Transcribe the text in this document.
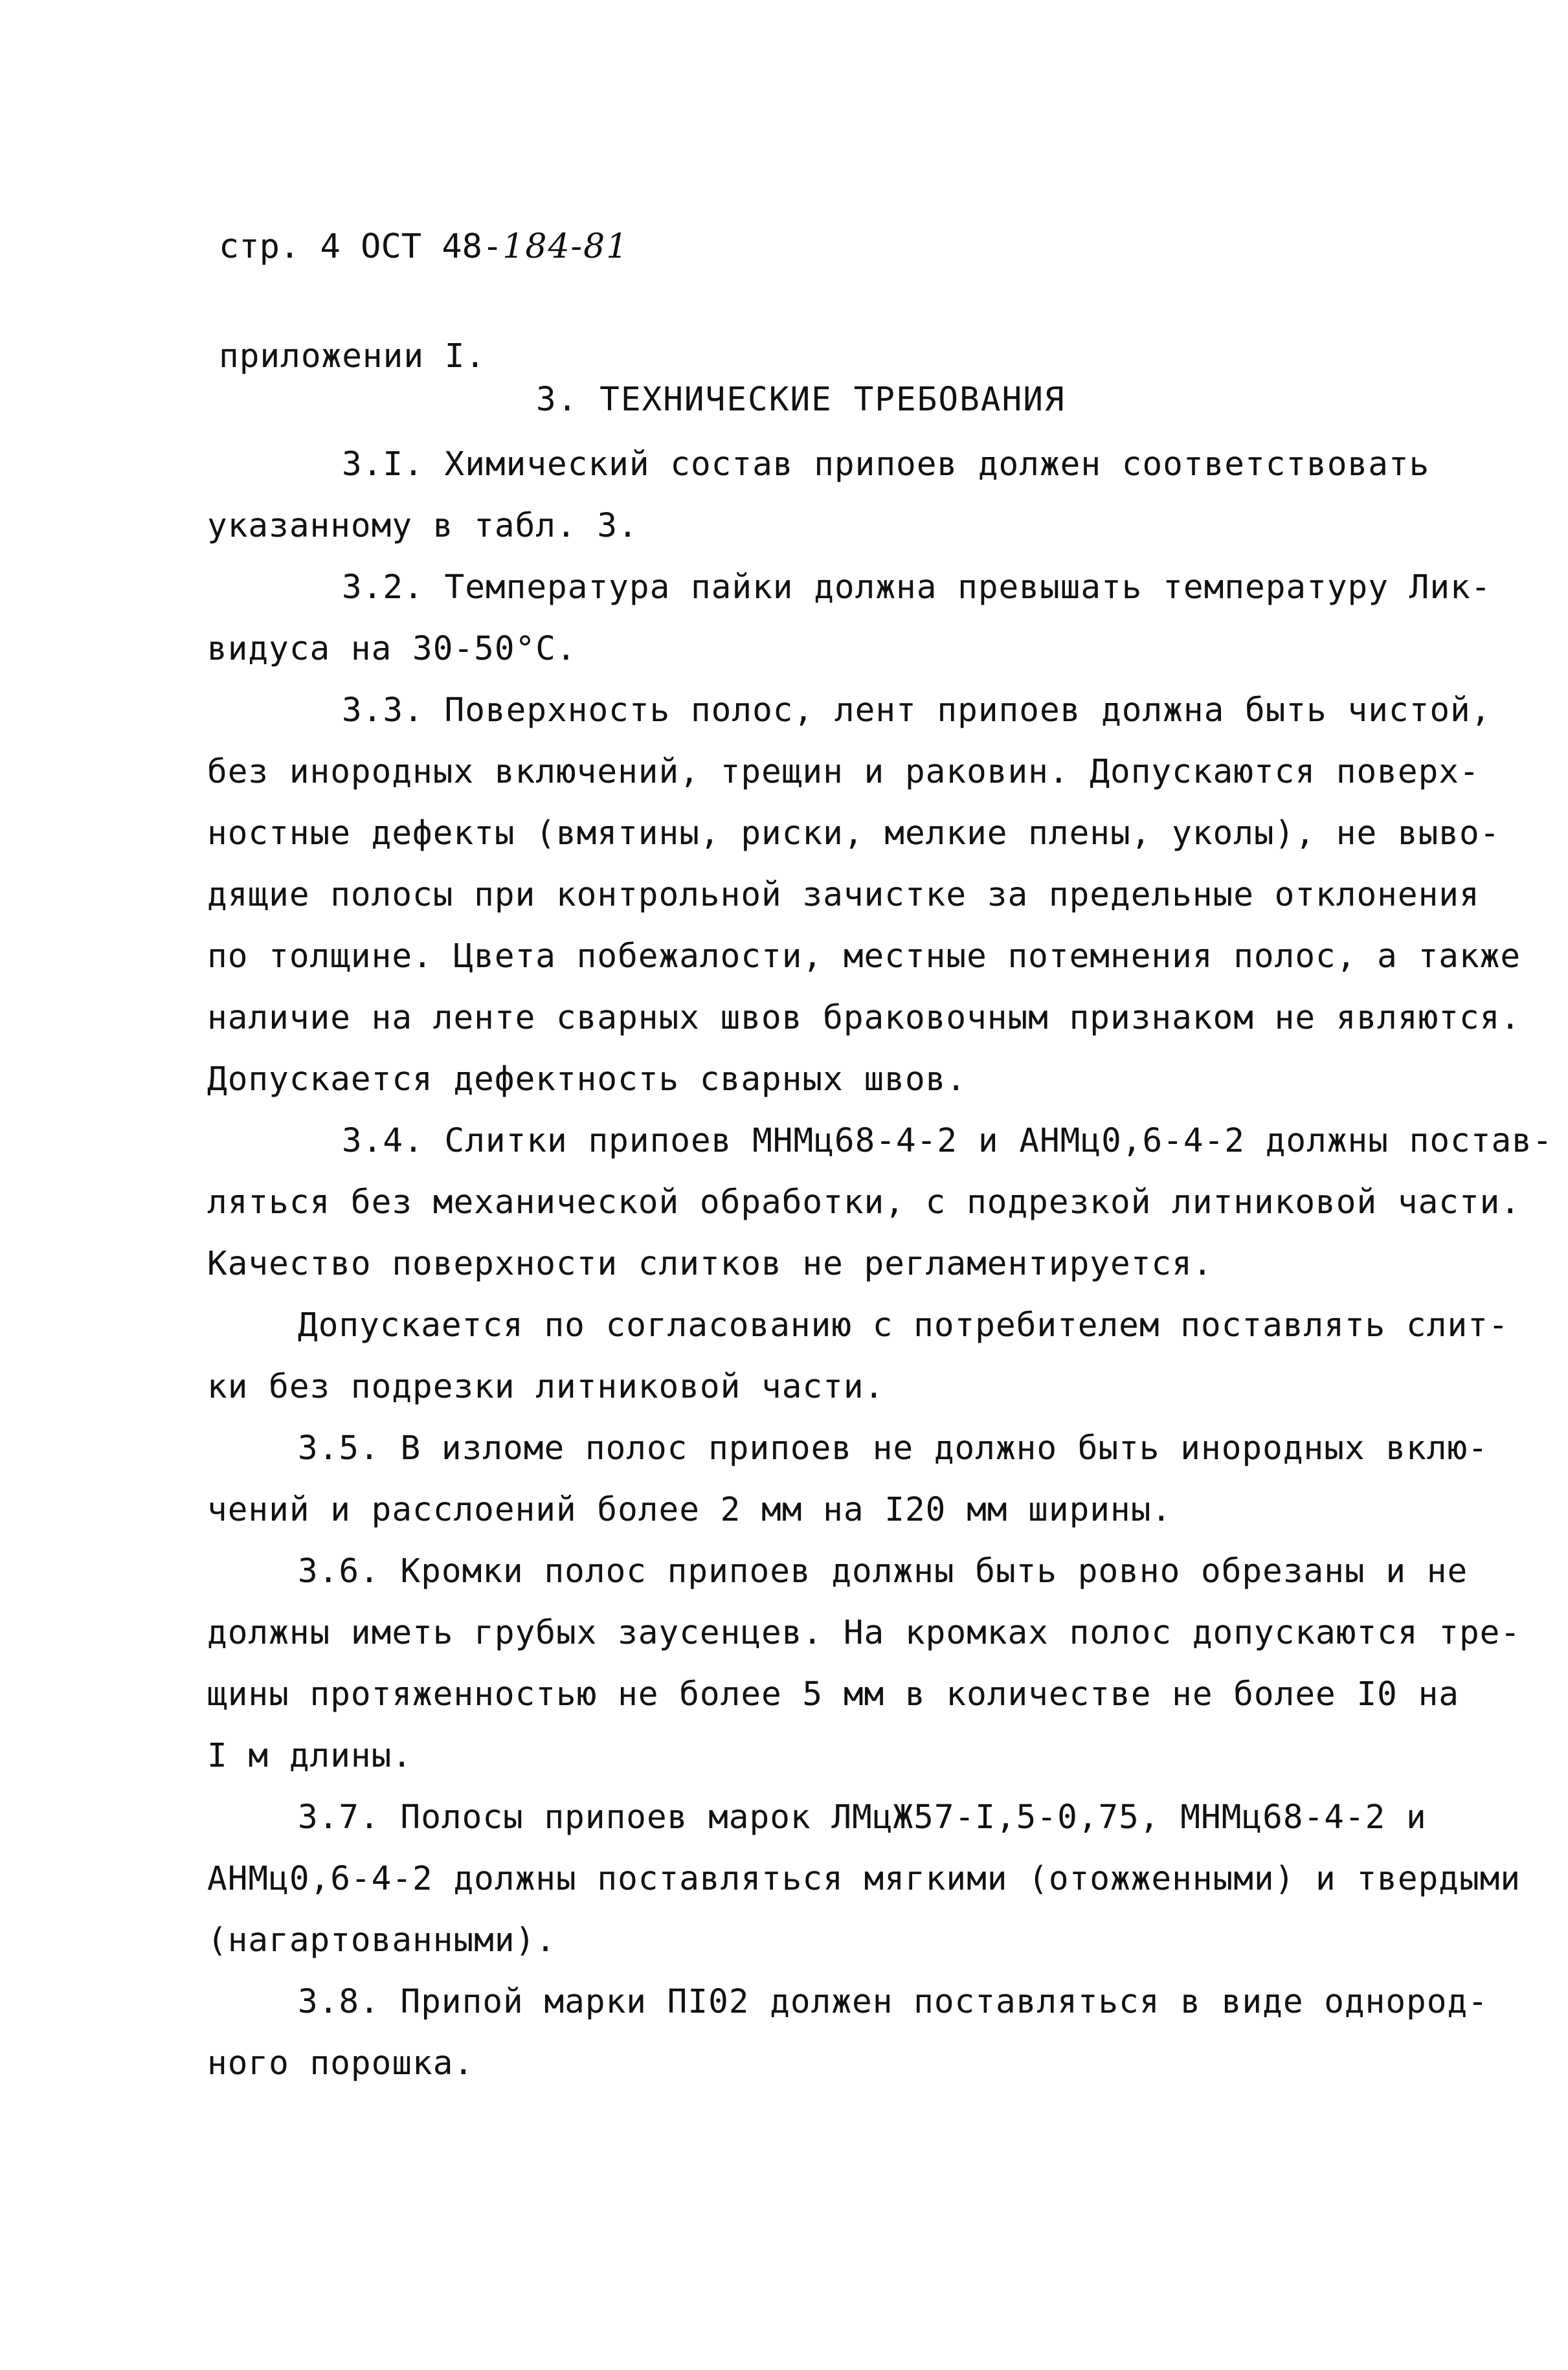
стр. 4 ОСТ 48-184-81
приложении I.
3. ТЕХНИЧЕСКИЕ ТРЕБОВАНИЯ
3.I. Химический состав припоев должен соответствовать
указанному в табл. 3.
3.2. Температура пайки должна превышать температуру Лик-
видуса на 30-50°С.
3.3. Поверхность полос, лент припоев должна быть чистой,
без инородных включений, трещин и раковин. Допускаются поверх-
ностные дефекты (вмятины, риски, мелкие плены, уколы), не выво-
дящие полосы при контрольной зачистке за предельные отклонения
по толщине. Цвета побежалости, местные потемнения полос, а также
наличие на ленте сварных швов браковочным признаком не являются.
Допускается дефектность сварных швов.
3.4. Слитки припоев МНМц68-4-2 и АНМц0,6-4-2 должны постав-
ляться без механической обработки, с подрезкой литниковой части.
Качество поверхности слитков не регламентируется.
Допускается по согласованию с потребителем поставлять слит-
ки без подрезки литниковой части.
3.5. В изломе полос припоев не должно быть инородных вклю-
чений и расслоений более 2 мм на I20 мм ширины.
3.6. Кромки полос припоев должны быть ровно обрезаны и не
должны иметь грубых заусенцев. На кромках полос допускаются тре-
щины протяженностью не более 5 мм в количестве не более I0 на
I м длины.
3.7. Полосы припоев марок ЛМцЖ57-I,5-0,75, МНМц68-4-2 и
АНМц0,6-4-2 должны поставляться мягкими (отожженными) и твердыми
(нагартованными).
3.8. Припой марки ПI02 должен поставляться в виде однород-
ного порошка.
